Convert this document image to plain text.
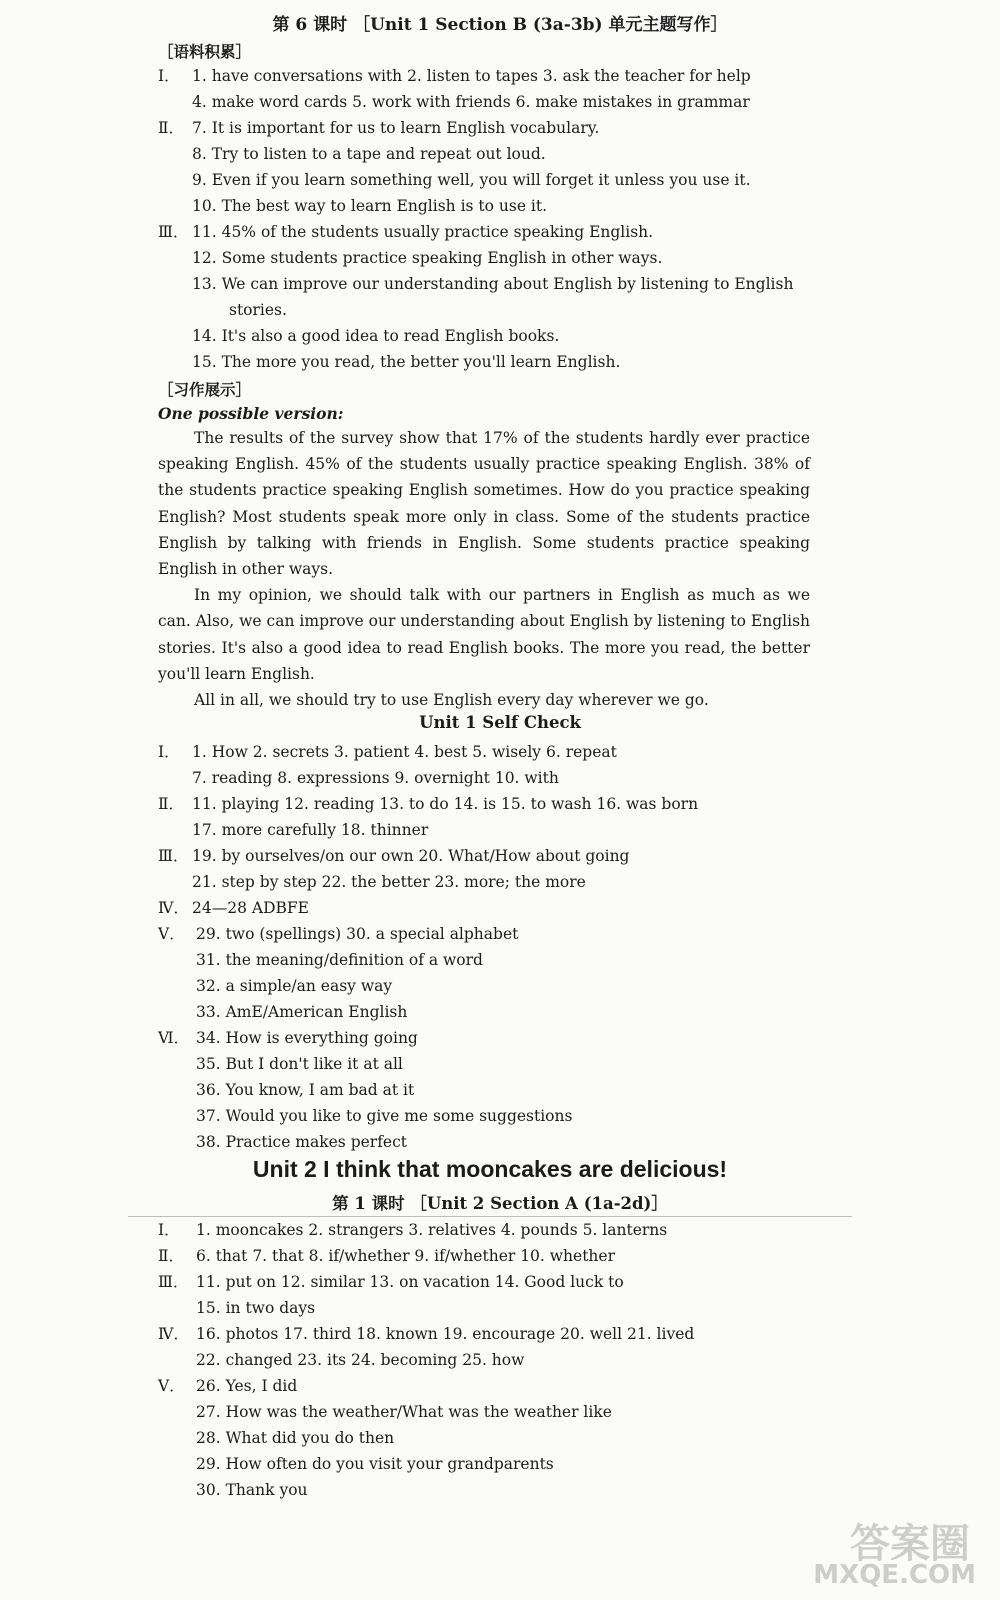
第 6 课时 ［Unit 1 Section B (3a-3b) 单元主题写作］
［语料积累］
Ⅰ． 1. have conversations with 2. listen to tapes 3. ask the teacher for help
4. make word cards 5. work with friends 6. make mistakes in grammar
Ⅱ． 7. It is important for us to learn English vocabulary.
8. Try to listen to a tape and repeat out loud.
9. Even if you learn something well, you will forget it unless you use it.
10. The best way to learn English is to use it.
Ⅲ． 11. 45% of the students usually practice speaking English.
12. Some students practice speaking English in other ways.
13. We can improve our understanding about English by listening to English
stories.
14. It's also a good idea to read English books.
15. The more you read, the better you'll learn English.
［习作展示］
One possible version:

The results of the survey show that 17% of the students hardly ever practice speaking English. 45% of the students usually practice speaking English. 38% of the students practice speaking English sometimes. How do you practice speaking English? Most students speak more only in class. Some of the students practice English by talking with friends in English. Some students practice speaking English in other ways.

In my opinion, we should talk with our partners in English as much as we can. Also, we can improve our understanding about English by listening to English stories. It's also a good idea to read English books. The more you read, the better you'll learn English.

All in all, we should try to use English every day wherever we go.

Unit 1 Self Check
Ⅰ． 1. How 2. secrets 3. patient 4. best 5. wisely 6. repeat
7. reading 8. expressions 9. overnight 10. with
Ⅱ． 11. playing 12. reading 13. to do 14. is 15. to wash 16. was born
17. more carefully 18. thinner
Ⅲ． 19. by ourselves/on our own 20. What/How about going
21. step by step 22. the better 23. more; the more
Ⅳ． 24—28 ADBFE
Ⅴ． 29. two (spellings) 30. a special alphabet
31. the meaning/definition of a word
32. a simple/an easy way
33. AmE/American English
Ⅵ． 34. How is everything going
35. But I don't like it at all
36. You know, I am bad at it
37. Would you like to give me some suggestions
38. Practice makes perfect
Unit 2 I think that mooncakes are delicious!
第 1 课时 ［Unit 2 Section A (1a-2d)］
Ⅰ． 1. mooncakes 2. strangers 3. relatives 4. pounds 5. lanterns
Ⅱ． 6. that 7. that 8. if/whether 9. if/whether 10. whether
Ⅲ． 11. put on 12. similar 13. on vacation 14. Good luck to
15. in two days
Ⅳ． 16. photos 17. third 18. known 19. encourage 20. well 21. lived
22. changed 23. its 24. becoming 25. how
Ⅴ． 26. Yes, I did
27. How was the weather/What was the weather like
28. What did you do then
29. How often do you visit your grandparents
30. Thank you
答案圈
MXQE.COM
